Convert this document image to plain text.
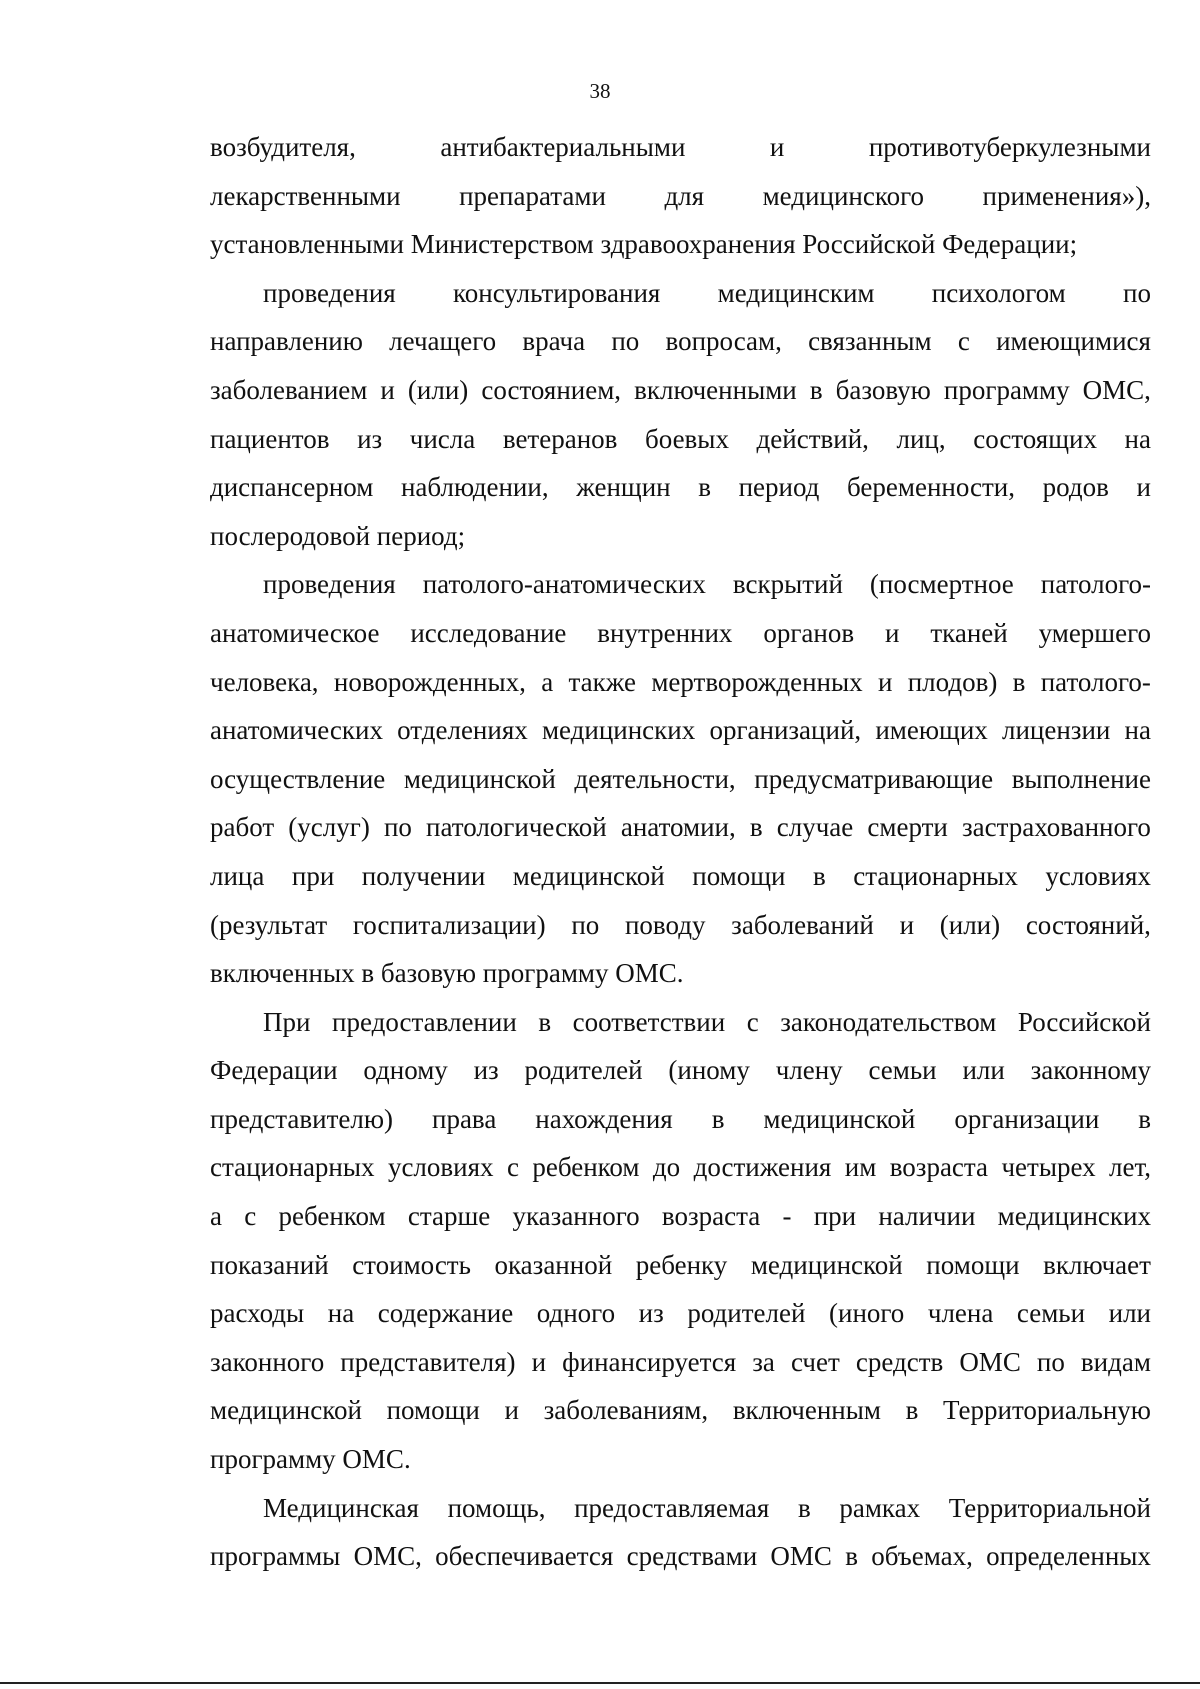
38
возбудителя,	антибактериальными	и	противотуберкулезными
лекарственными препаратами для медицинского применения»),
установленными Министерством здравоохранения Российской Федерации;
проведения консультирования медицинским психологом по
направлению лечащего врача по вопросам, связанным с имеющимися
заболеванием и (или) состоянием, включенными в базовую программу ОМС,
пациентов из числа ветеранов боевых действий, лиц, состоящих на
диспансерном наблюдении, женщин в период беременности, родов и
послеродовой период;
проведения патолого-анатомических вскрытий (посмертное патолого-
анатомическое исследование внутренних органов и тканей умершего
человека, новорожденных, а также мертворожденных и плодов) в патолого-
анатомических отделениях медицинских организаций, имеющих лицензии на
осуществление медицинской деятельности, предусматривающие выполнение
работ (услуг) по патологической анатомии, в случае смерти застрахованного
лица при получении медицинской помощи в стационарных условиях
(результат госпитализации) по поводу заболеваний и (или) состояний,
включенных в базовую программу ОМС.
При предоставлении в соответствии с законодательством Российской
Федерации одному из родителей (иному члену семьи или законному
представителю) права нахождения в медицинской организации в
стационарных условиях с ребенком до достижения им возраста четырех лет,
а с ребенком старше указанного возраста - при наличии медицинских
показаний стоимость оказанной ребенку медицинской помощи включает
расходы на содержание одного из родителей (иного члена семьи или
законного представителя) и финансируется за счет средств ОМС по видам
медицинской помощи и заболеваниям, включенным в Территориальную
программу ОМС.
Медицинская помощь, предоставляемая в рамках Территориальной
программы ОМС, обеспечивается средствами ОМС в объемах, определенных
